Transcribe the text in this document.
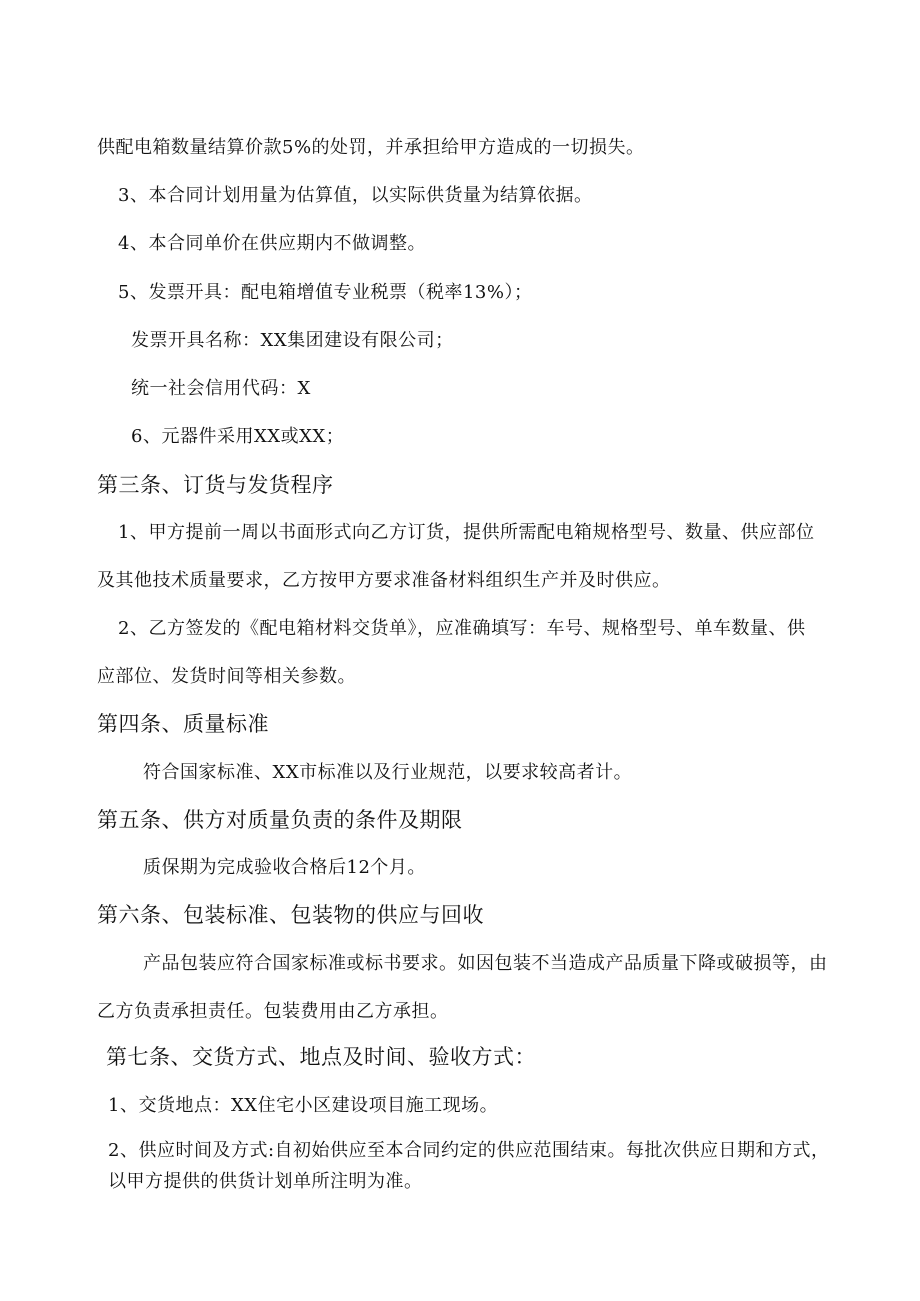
供配电箱数量结算价款5%的处罚，并承担给甲方造成的一切损失。
3、本合同计划用量为估算值，以实际供货量为结算依据。
4、本合同单价在供应期内不做调整。
5、发票开具：配电箱增值专业税票（税率13%）；
发票开具名称：XX集团建设有限公司；
统一社会信用代码：X
6、元器件采用XX或XX；
第三条、订货与发货程序
1、甲方提前一周以书面形式向乙方订货，提供所需配电箱规格型号、数量、供应部位
及其他技术质量要求，乙方按甲方要求准备材料组织生产并及时供应。
2、乙方签发的《配电箱材料交货单》，应准确填写：车号、规格型号、单车数量、供
应部位、发货时间等相关参数。
第四条、质量标准
符合国家标准、XX市标准以及行业规范，以要求较高者计。
第五条、供方对质量负责的条件及期限
质保期为完成验收合格后12个月。
第六条、包装标准、包装物的供应与回收
产品包装应符合国家标准或标书要求。如因包装不当造成产品质量下降或破损等，由
乙方负责承担责任。包装费用由乙方承担。
第七条、交货方式、地点及时间、验收方式：
1、交货地点：XX住宅小区建设项目施工现场。
2、供应时间及方式:自初始供应至本合同约定的供应范围结束。每批次供应日期和方式，
以甲方提供的供货计划单所注明为准。
